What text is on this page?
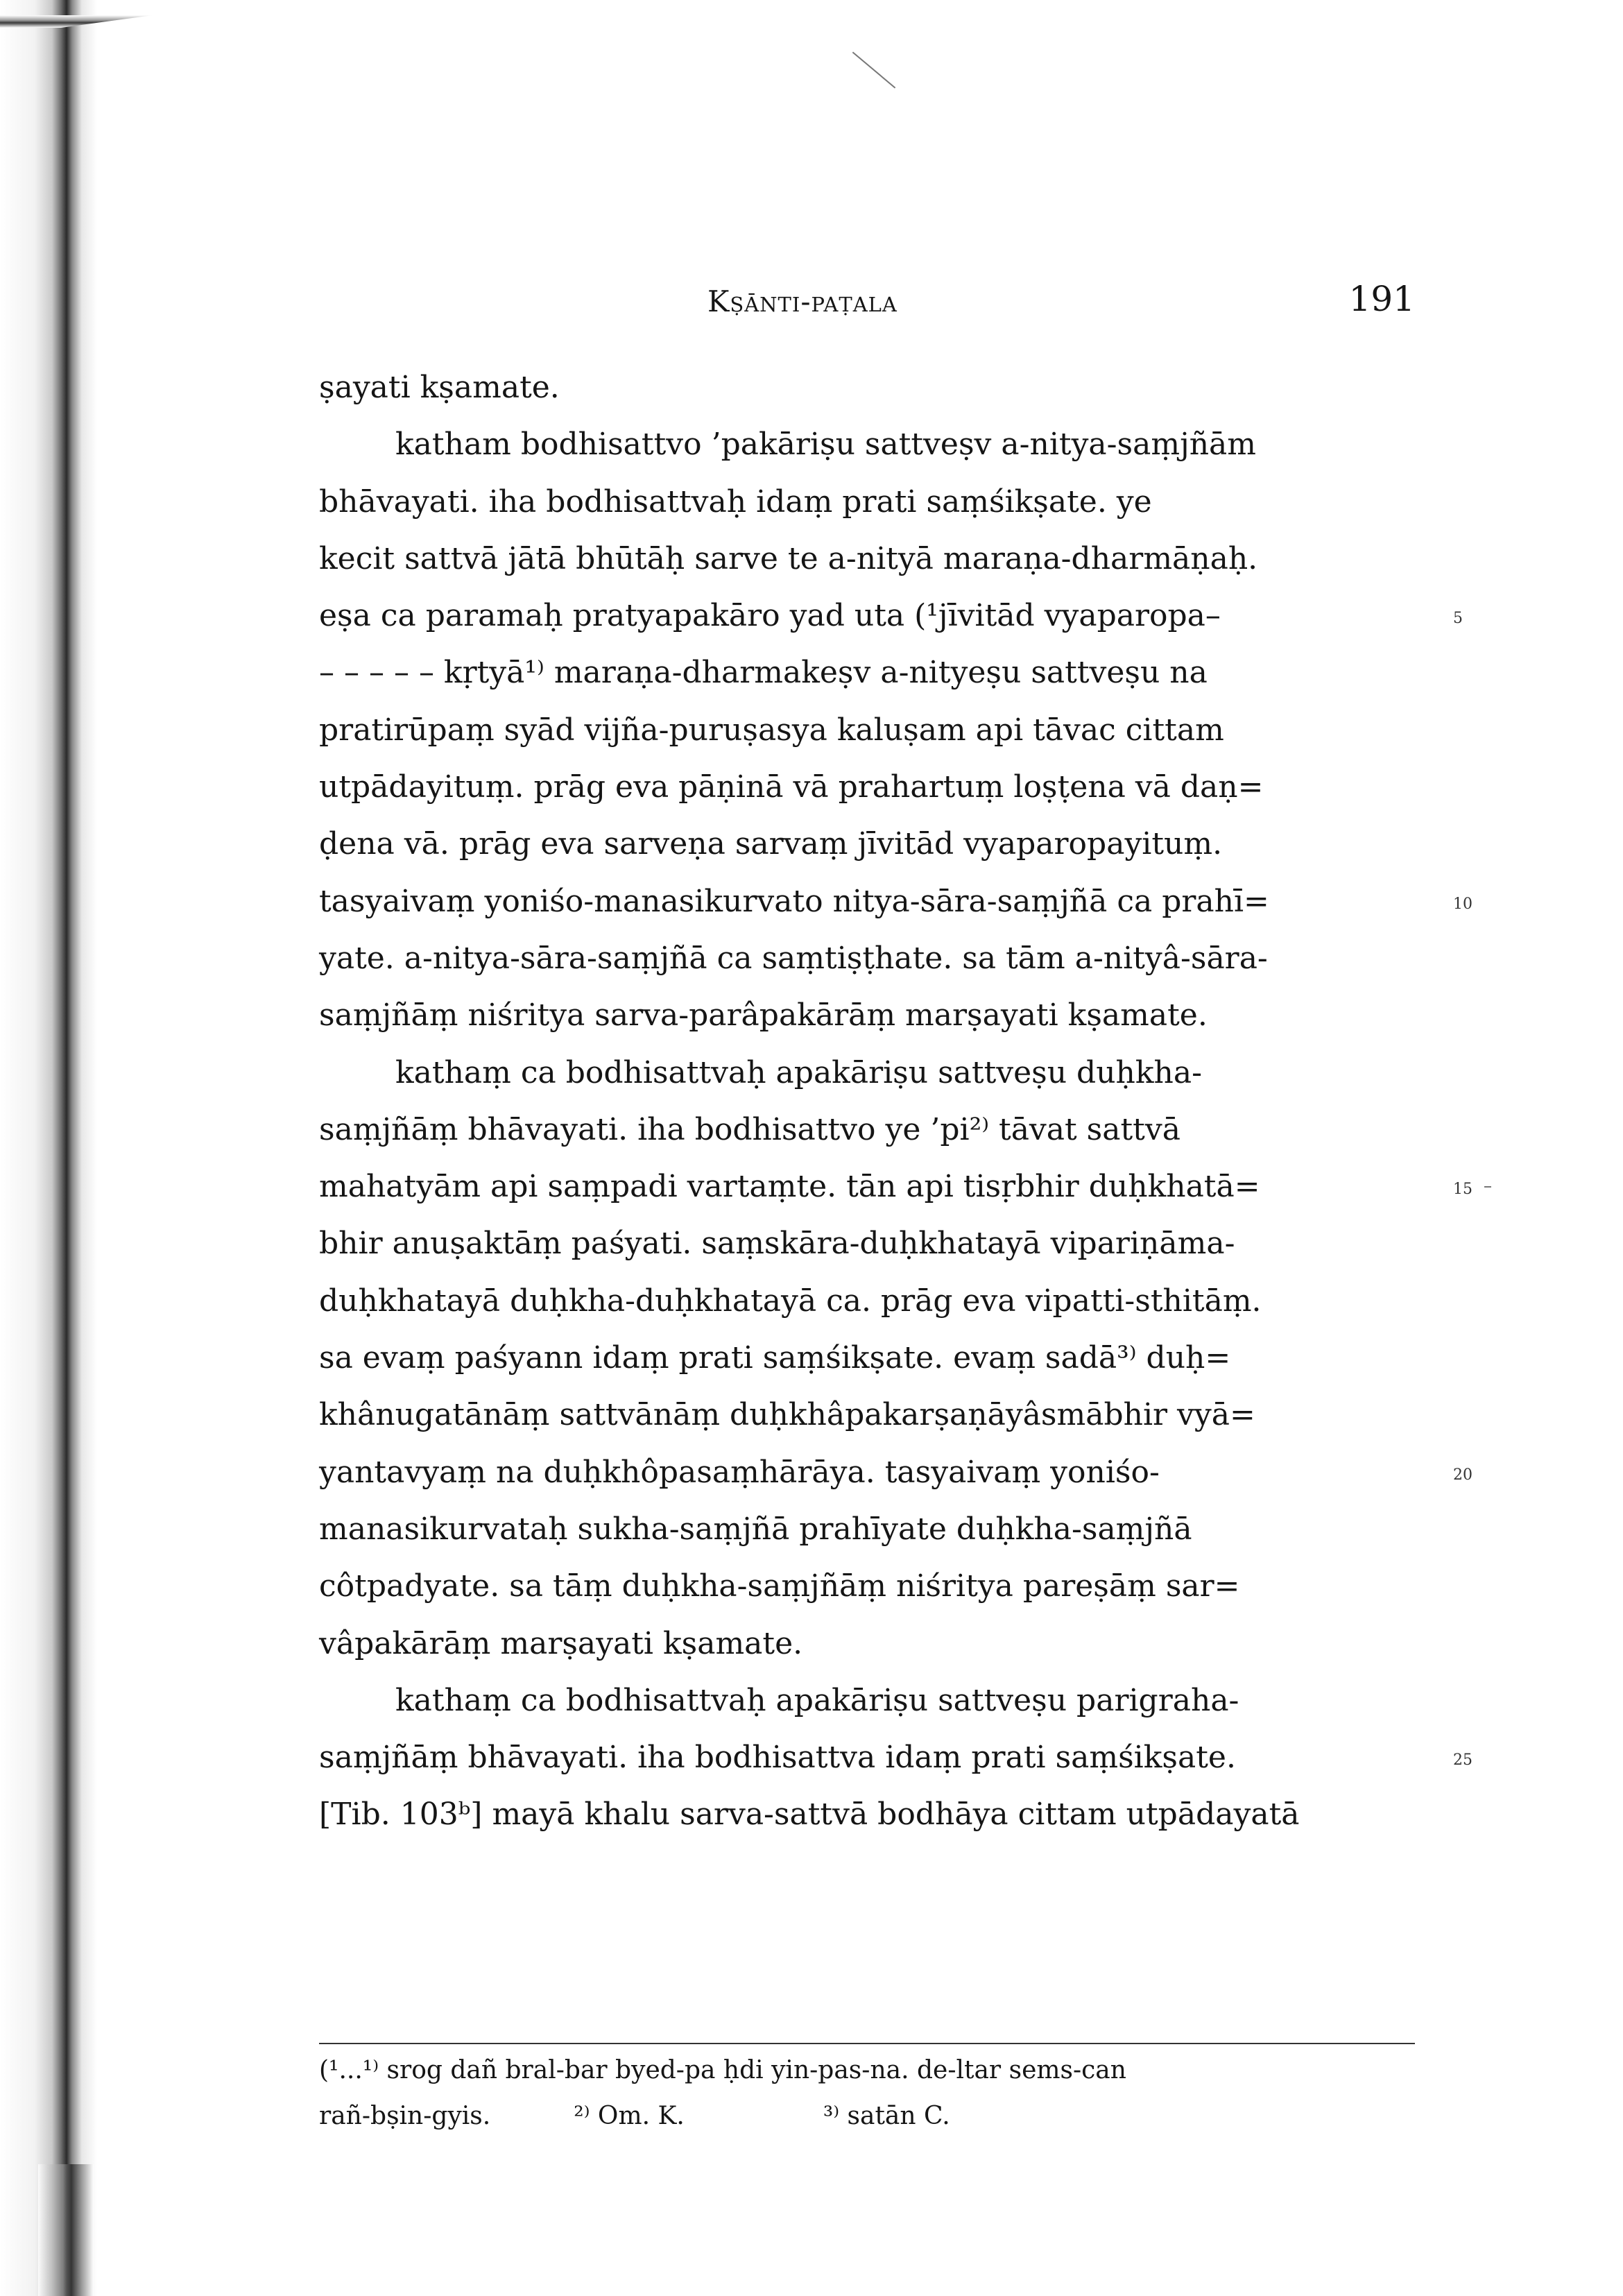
Kṣānti-paṭala	191
ṣayati kṣamate.
katham bodhisattvo ’pakāriṣu sattveṣv a-nitya-saṃjñām
bhāvayati. iha bodhisattvaḥ idaṃ prati saṃśikṣate. ye
kecit sattvā jātā bhūtāḥ sarve te a-nityā maraṇa-dharmāṇaḥ.
eṣa ca paramaḥ pratyapakāro yad uta (¹jīvitād vyaparopa–	5
– – – – – kṛtyā¹⁾ maraṇa-dharmakeṣv a-nityeṣu sattveṣu na
pratirūpaṃ syād vijña-puruṣasya kaluṣam api tāvac cittam
utpādayituṃ. prāg eva pāṇinā vā prahartuṃ loṣṭena vā daṇ=
ḍena vā. prāg eva sarveṇa sarvaṃ jīvitād vyaparopayituṃ.
tasyaivaṃ yoniśo-manasikurvato nitya-sāra-saṃjñā ca prahī=	10
yate. a-nitya-sāra-saṃjñā ca saṃtiṣṭhate. sa tām a-nityâ-sāra-
saṃjñāṃ niśritya sarva-parâpakārāṃ marṣayati kṣamate.
kathaṃ ca bodhisattvaḥ apakāriṣu sattveṣu duḥkha-
saṃjñāṃ bhāvayati. iha bodhisattvo ye ’pi²⁾ tāvat sattvā
mahatyām api saṃpadi vartaṃte. tān api tisṛbhir duḥkhatā=	15
bhir anuṣaktāṃ paśyati. saṃskāra-duḥkhatayā vipariṇāma-
duḥkhatayā duḥkha-duḥkhatayā ca. prāg eva vipatti-sthitāṃ.
sa evaṃ paśyann idaṃ prati saṃśikṣate. evaṃ sadā³⁾ duḥ=
khânugatānāṃ sattvānāṃ duḥkhâpakarṣaṇāyâsmābhir vyā=
yantavyaṃ na duḥkhôpasaṃhārāya. tasyaivaṃ yoniśo-	20
manasikurvataḥ sukha-saṃjñā prahīyate duḥkha-saṃjñā
côtpadyate. sa tāṃ duḥkha-saṃjñāṃ niśritya pareṣāṃ sar=
vâpakārāṃ marṣayati kṣamate.
kathaṃ ca bodhisattvaḥ apakāriṣu sattveṣu parigraha-
saṃjñāṃ bhāvayati. iha bodhisattva idaṃ prati saṃśikṣate.	25
[Tib. 103ᵇ] mayā khalu sarva-sattvā bodhāya cittam utpādayatā
(¹...¹⁾ srog dañ bral-bar byed-pa ḥdi yin-pas-na. de-ltar sems-can
rañ-bṣin-gyis.	²⁾ Om. K.	³⁾ satān C.
